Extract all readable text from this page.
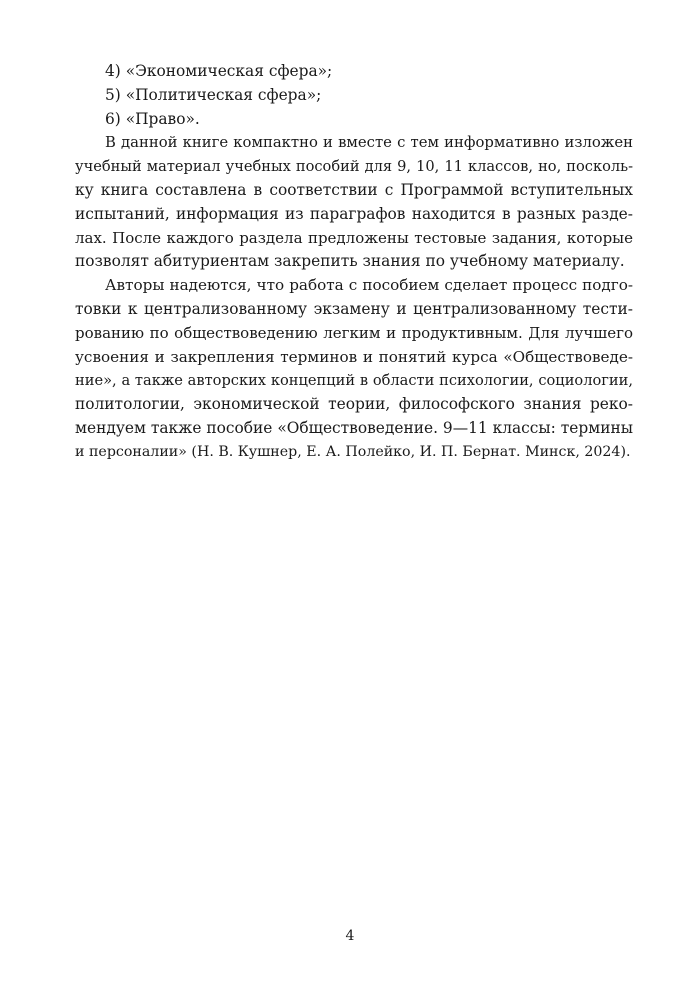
4) «Экономическая сфера»;
5) «Политическая сфера»;
6) «Право».
В данной книге компактно и вместе с тем информативно изложен
учебный материал учебных пособий для 9, 10, 11 классов, но, посколь-
ку книга составлена в соответствии с Программой вступительных
испытаний, информация из параграфов находится в разных разде-
лах. После каждого раздела предложены тестовые задания, которые
позволят абитуриентам закрепить знания по учебному материалу.
Авторы надеются, что работа с пособием сделает процесс подго-
товки к централизованному экзамену и централизованному тести-
рованию по обществоведению легким и продуктивным. Для лучшего
усвоения и закрепления терминов и понятий курса «Обществоведе-
ние», а также авторских концепций в области психологии, социологии,
политологии, экономической теории, философского знания реко-
мендуем также пособие «Обществоведение. 9—11 классы: термины
и персоналии» (Н. В. Кушнер, Е. А. Полейко, И. П. Бернат. Минск, 2024).
4
